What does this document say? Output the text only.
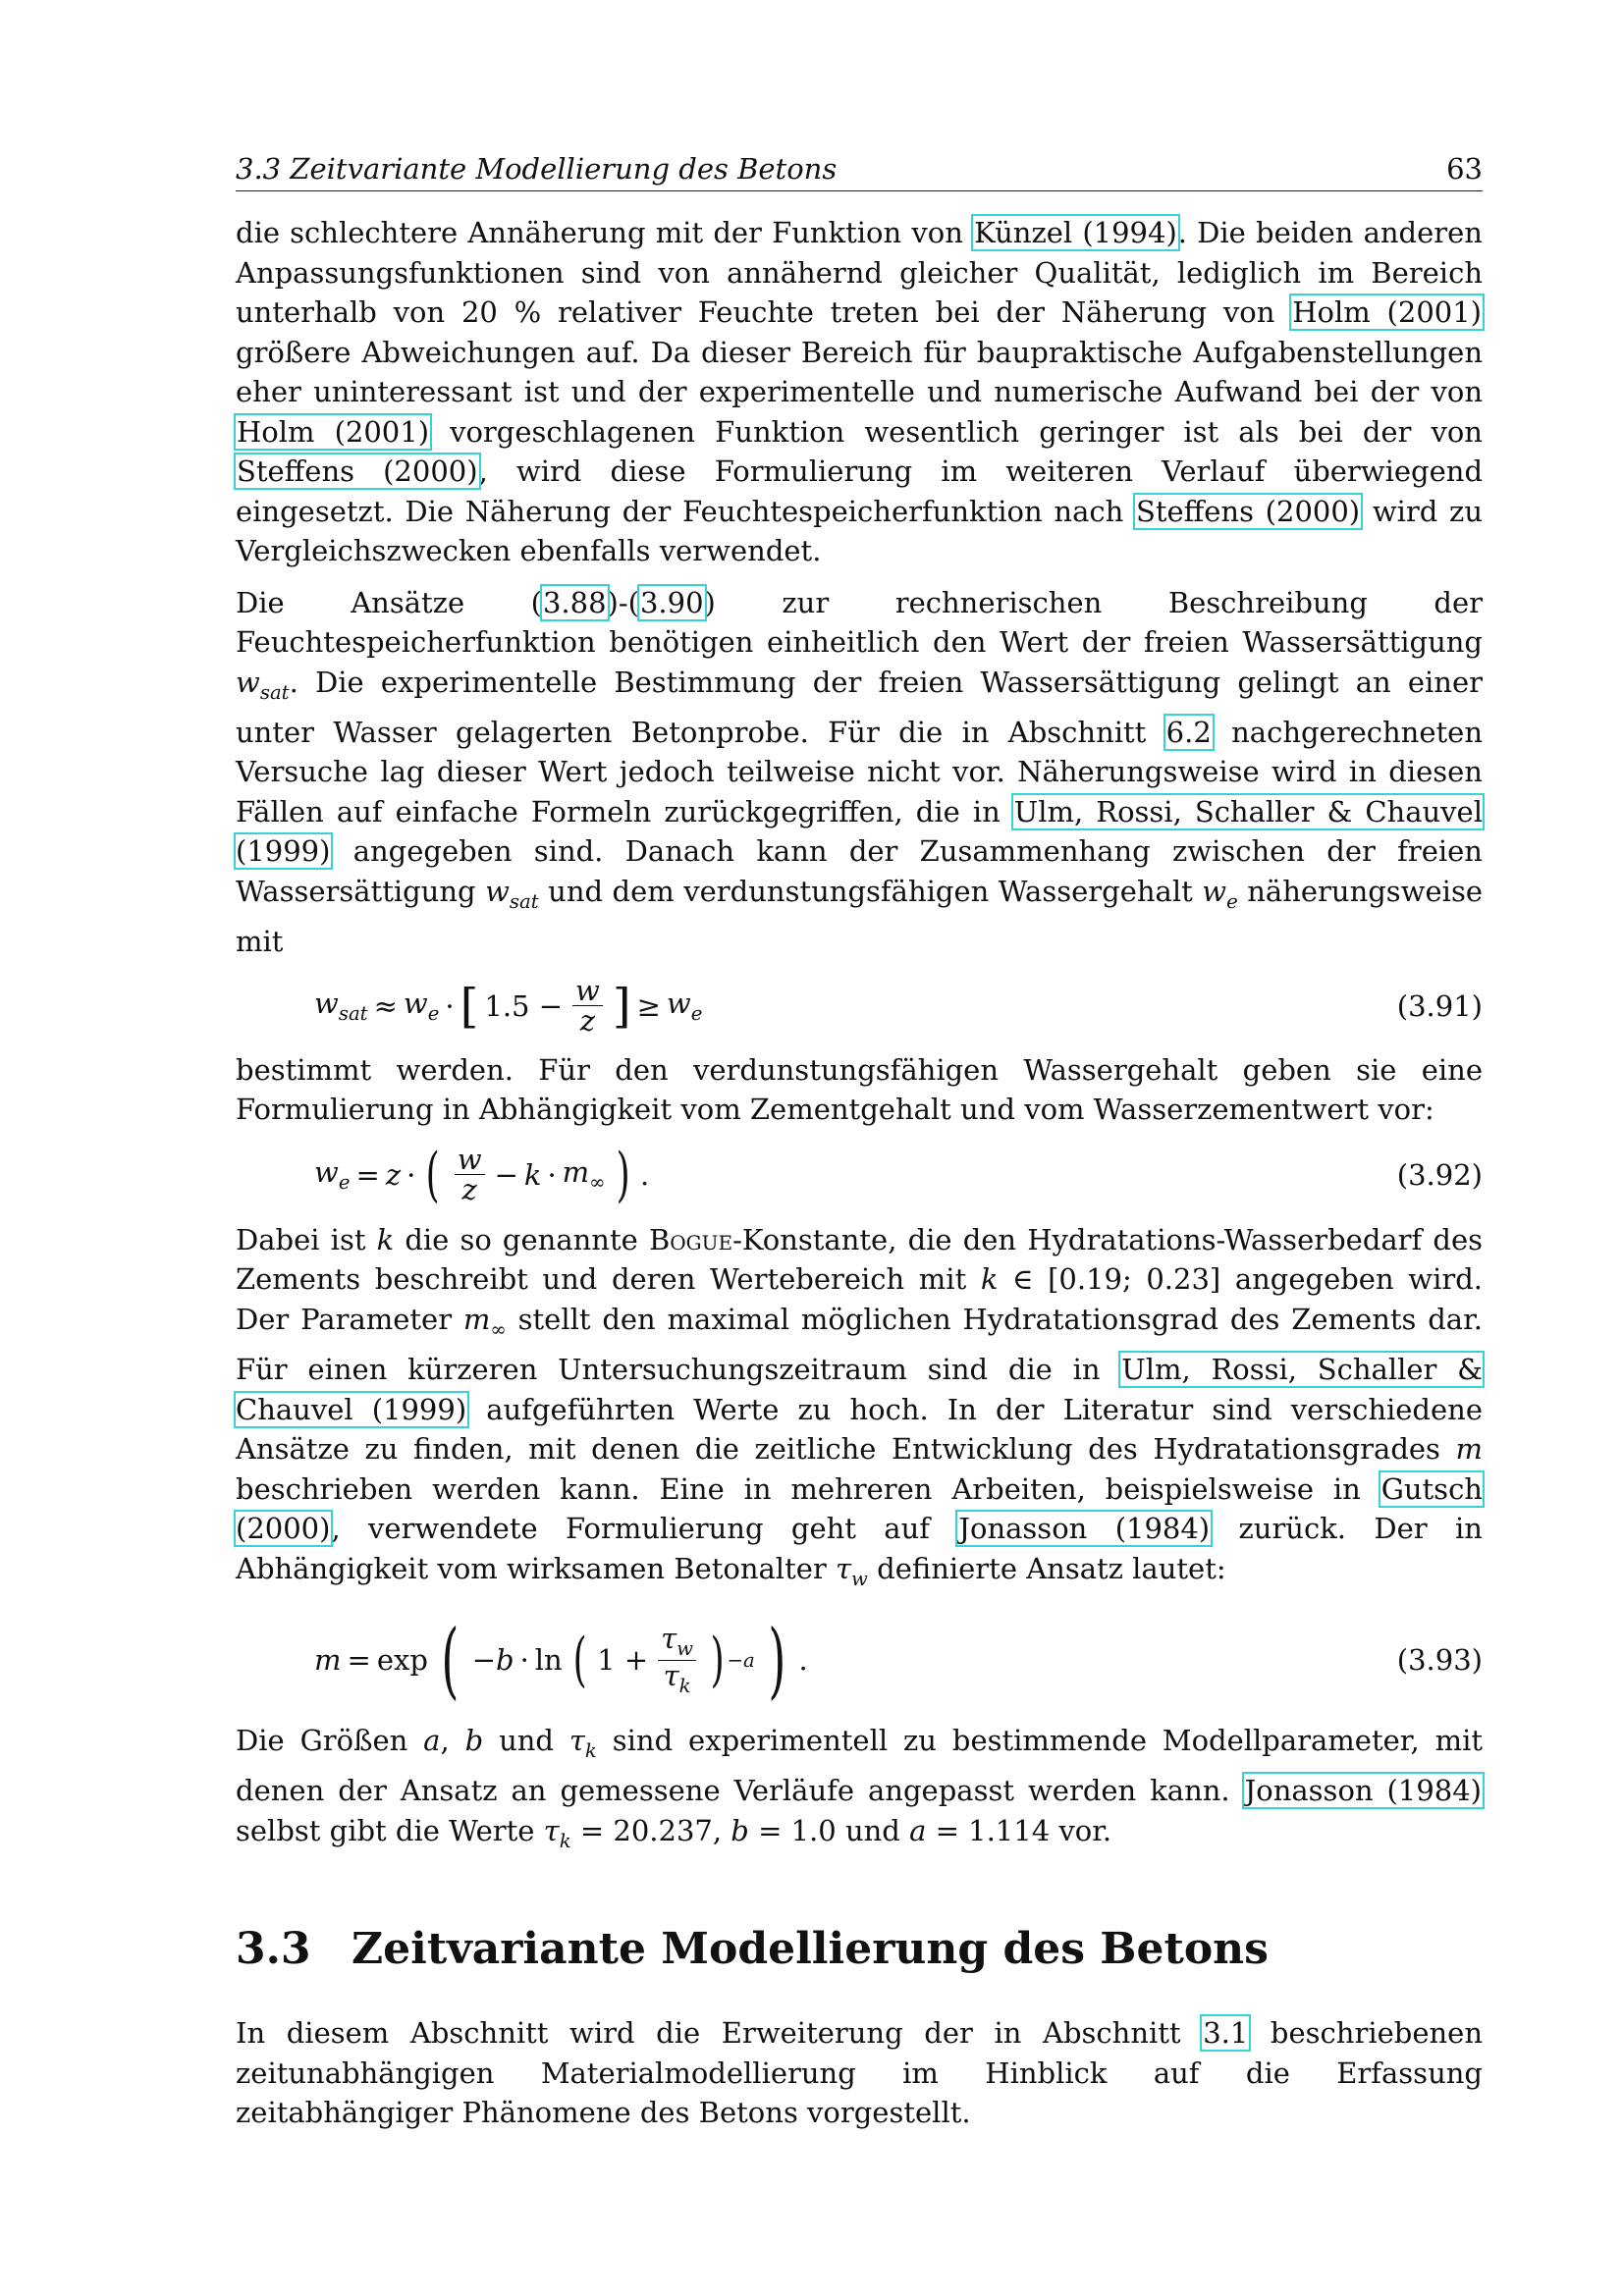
3.3 Zeitvariante Modellierung des Betons	63

die schlechtere Annäherung mit der Funktion von Künzel (1994). Die beiden anderen Anpassungsfunktionen sind von annähernd gleicher Qualität, lediglich im Bereich unterhalb von 20 % relativer Feuchte treten bei der Näherung von Holm (2001) größere Abweichungen auf. Da dieser Bereich für baupraktische Aufgabenstellungen eher uninteressant ist und der experimentelle und numerische Aufwand bei der von Holm (2001) vorgeschlagenen Funktion wesentlich geringer ist als bei der von Steffens (2000), wird diese Formulierung im weiteren Verlauf überwiegend eingesetzt. Die Näherung der Feuchtespeicherfunktion nach Steffens (2000) wird zu Vergleichszwecken ebenfalls verwendet.

Die Ansätze (3.88)-(3.90) zur rechnerischen Beschreibung der Feuchtespeicherfunktion benötigen einheitlich den Wert der freien Wassersättigung $w_{sat}$. Die experimentelle Bestimmung der freien Wassersättigung gelingt an einer unter Wasser gelagerten Betonprobe. Für die in Abschnitt 6.2 nachgerechneten Versuche lag dieser Wert jedoch teilweise nicht vor. Näherungsweise wird in diesen Fällen auf einfache Formeln zurückgegriffen, die in Ulm, Rossi, Schaller & Chauvel (1999) angegeben sind. Danach kann der Zusammenhang zwischen der freien Wassersättigung $w_{sat}$ und dem verdunstungsfähigen Wassergehalt $w_e$ näherungsweise mit

$w_{sat} \approx w_e$ · [ $1.5 - \frac{w}{z}$ ] ≥ $w_e$	(3.91)

bestimmt werden. Für den verdunstungsfähigen Wassergehalt geben sie eine Formulierung in Abhängigkeit vom Zementgehalt und vom Wasserzementwert vor:

$w_e = z$ · ( $\frac{w}{z} - k \cdot m_\infty$ ) .	(3.92)

Dabei ist k die so genannte Bogue-Konstante, die den Hydratations-Wasserbedarf des Zements beschreibt und deren Wertebereich mit k ∈ [0.19; 0.23] angegeben wird. Der Parameter $m_\infty$ stellt den maximal möglichen Hydratationsgrad des Zements dar. Für einen kürzeren Untersuchungszeitraum sind die in Ulm, Rossi, Schaller & Chauvel (1999) aufgeführten Werte zu hoch. In der Literatur sind verschiedene Ansätze zu finden, mit denen die zeitliche Entwicklung des Hydratationsgrades m beschrieben werden kann. Eine in mehreren Arbeiten, beispielsweise in Gutsch (2000), verwendete Formulierung geht auf Jonasson (1984) zurück. Der in Abhängigkeit vom wirksamen Betonalter $\tau_w$ definierte Ansatz lautet:

m = exp ( −b · ln ( $1 + \frac{\tau_w}{\tau_k}$ ) −a ) .	(3.93)

Die Größen a, b und $\tau_k$ sind experimentell zu bestimmende Modellparameter, mit denen der Ansatz an gemessene Verläufe angepasst werden kann. Jonasson (1984) selbst gibt die Werte $\tau_k = 20.237$, b = 1.0 und a = 1.114 vor.

3.3 Zeitvariante Modellierung des Betons

In diesem Abschnitt wird die Erweiterung der in Abschnitt 3.1 beschriebenen zeitunabhängigen Materialmodellierung im Hinblick auf die Erfassung zeitabhängiger Phänomene des Betons vorgestellt.
